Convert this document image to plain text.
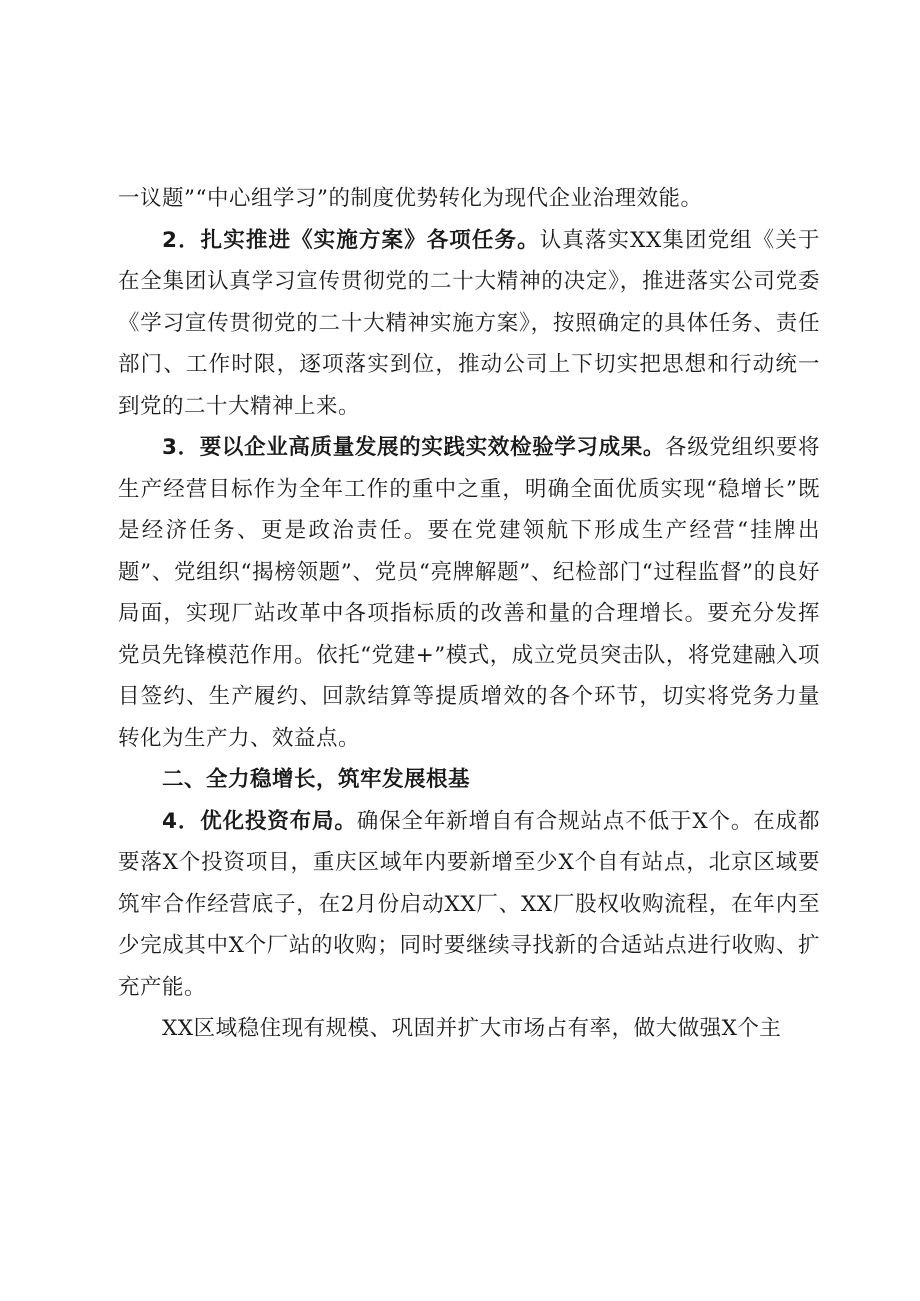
一议题”“中心组学习”的制度优势转化为现代企业治理效能。

2．扎实推进《实施方案》各项任务。认真落实XX集团党组《关于在全集团认真学习宣传贯彻党的二十大精神的决定》，推进落实公司党委《学习宣传贯彻党的二十大精神实施方案》，按照确定的具体任务、责任部门、工作时限，逐项落实到位，推动公司上下切实把思想和行动统一到党的二十大精神上来。

3．要以企业高质量发展的实践实效检验学习成果。各级党组织要将生产经营目标作为全年工作的重中之重，明确全面优质实现“稳增长”既是经济任务、更是政治责任。要在党建领航下形成生产经营“挂牌出题”、党组织“揭榜领题”、党员“亮牌解题”、纪检部门“过程监督”的良好局面，实现厂站改革中各项指标质的改善和量的合理增长。要充分发挥党员先锋模范作用。依托“党建+”模式，成立党员突击队，将党建融入项目签约、生产履约、回款结算等提质增效的各个环节，切实将党务力量转化为生产力、效益点。

二、全力稳增长，筑牢发展根基

4．优化投资布局。确保全年新增自有合规站点不低于X个。在成都要落X个投资项目，重庆区域年内要新增至少X个自有站点，北京区域要筑牢合作经营底子，在2月份启动XX厂、XX厂股权收购流程，在年内至少完成其中X个厂站的收购；同时要继续寻找新的合适站点进行收购、扩充产能。

XX区域稳住现有规模、巩固并扩大市场占有率，做大做强X个主
